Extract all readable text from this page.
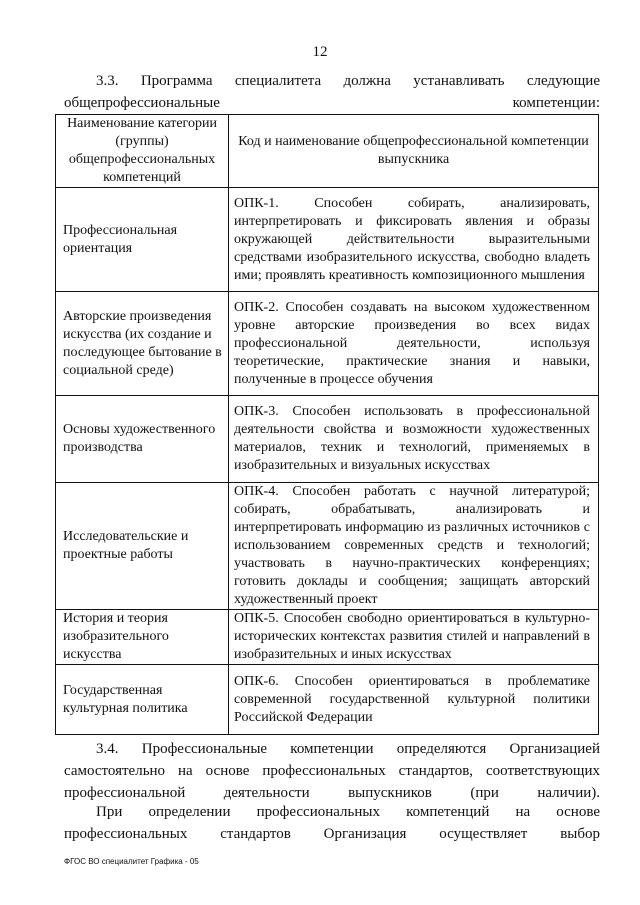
12

3.3. Программа специалитета должна устанавливать следующие общепрофессиональные компетенции:

Наименование категории (группы) общепрофессиональных компетенций	Код и наименование общепрофессиональной компетенции выпускника
Профессиональная ориентация	ОПК-1. Способен собирать, анализировать, интерпретировать и фиксировать явления и образы окружающей действительности выразительными средствами изобразительного искусства, свободно владеть ими; проявлять креативность композиционного мышления

Авторские произведения искусства (их создание и последующее бытование в социальной среде)	ОПК-2. Способен создавать на высоком художественном уровне авторские произведения во всех видах профессиональной деятельности, используя теоретические, практические знания и навыки, полученные в процессе обучения

Основы художественного производства	ОПК-3. Способен использовать в профессиональной деятельности свойства и возможности художественных материалов, техник и технологий, применяемых в изобразительных и визуальных искусствах

Исследовательские и проектные работы	ОПК-4. Способен работать с научной литературой; собирать, обрабатывать, анализировать и интерпретировать информацию из различных источников с использованием современных средств и технологий; участвовать в научно-практических конференциях; готовить доклады и сообщения; защищать авторский художественный проект

История и теория изобразительного искусства	ОПК-5. Способен свободно ориентироваться в культурно-исторических контекстах развития стилей и направлений в изобразительных и иных искусствах

Государственная культурная политика	ОПК-6. Способен ориентироваться в проблематике современной государственной культурной политики Российской Федерации

3.4. Профессиональные компетенции определяются Организацией самостоятельно на основе профессиональных стандартов, соответствующих профессиональной деятельности выпускников (при наличии).

При определении профессиональных компетенций на основе профессиональных стандартов Организация осуществляет выбор

ФГОС ВО специалитет Графика - 05
